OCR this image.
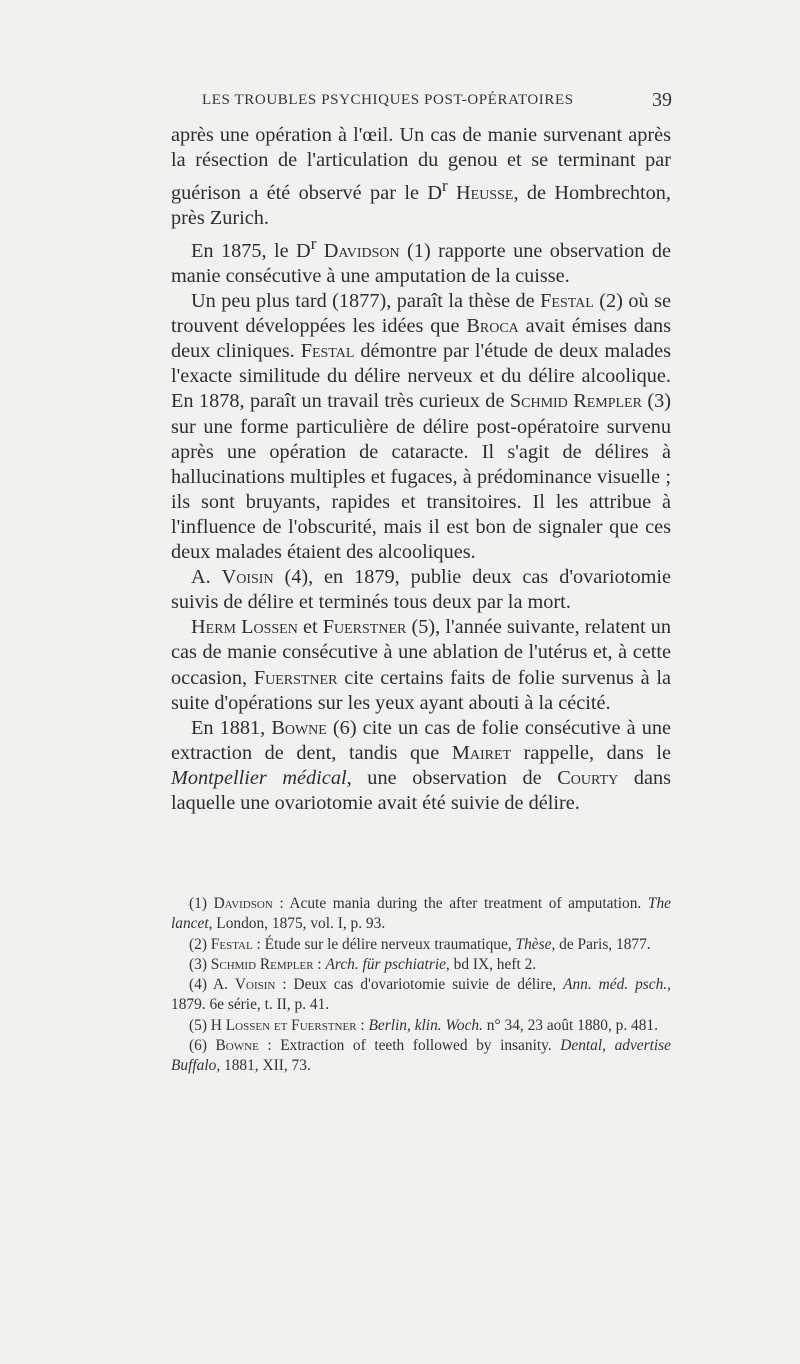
LES TROUBLES PSYCHIQUES POST-OPÉRATOIRES	39

après une opération à l'œil. Un cas de manie survenant après la résection de l'articulation du genou et se terminant par guérison a été observé par le $D^r$ Heusse, de Hombrechton, près Zurich.

En 1875, le $D^r$ Davidson (1) rapporte une observation de manie consécutive à une amputation de la cuisse.

Un peu plus tard (1877), paraît la thèse de Festal (2) où se trouvent développées les idées que Broca avait émises dans deux cliniques. Festal démontre par l'étude de deux malades l'exacte similitude du délire nerveux et du délire alcoolique. En 1878, paraît un travail très curieux de Schmid Rempler (3) sur une forme particulière de délire post-opératoire survenu après une opération de cataracte. Il s'agit de délires à hallucinations multiples et fugaces, à prédominance visuelle ; ils sont bruyants, rapides et transitoires. Il les attribue à l'influence de l'obscurité, mais il est bon de signaler que ces deux malades étaient des alcooliques.

A. Voisin (4), en 1879, publie deux cas d'ovariotomie suivis de délire et terminés tous deux par la mort.

Herm Lossen et Fuerstner (5), l'année suivante, relatent un cas de manie consécutive à une ablation de l'utérus et, à cette occasion, Fuerstner cite certains faits de folie survenus à la suite d'opérations sur les yeux ayant abouti à la cécité.

En 1881, Bowne (6) cite un cas de folie consécutive à une extraction de dent, tandis que Mairet rappelle, dans le Montpellier médical, une observation de Courty dans laquelle une ovariotomie avait été suivie de délire.

(1) Davidson : Acute mania during the after treatment of amputation. The lancet, London, 1875, vol. I, p. 93.

(2) Festal : Étude sur le délire nerveux traumatique, Thèse, de Paris, 1877.

(3) Schmid Rempler : Arch. für pschiatrie, bd IX, heft 2.

(4) A. Voisin : Deux cas d'ovariotomie suivie de délire, Ann. méd. psch., 1879. 6e série, t. II, p. 41.

(5) H Lossen et Fuerstner : Berlin, klin. Woch. n° 34, 23 août 1880, p. 481.

(6) Bowne : Extraction of teeth followed by insanity. Dental, advertise Buffalo, 1881, XII, 73.
